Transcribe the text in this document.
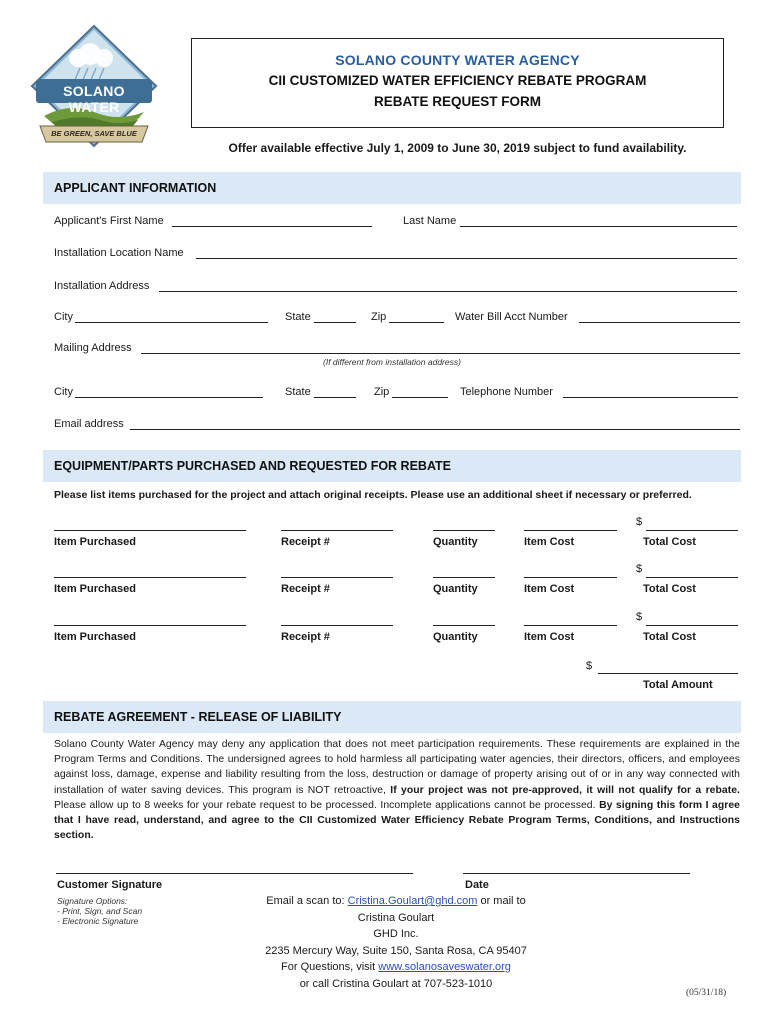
SOLANO WATER
BE GREEN, SAVE BLUE
SOLANO COUNTY WATER AGENCY
CII CUSTOMIZED WATER EFFICIENCY REBATE PROGRAM
REBATE REQUEST FORM
Offer available effective July 1, 2009 to June 30, 2019 subject to fund availability.
APPLICANT INFORMATION
Applicant's First Name	Last Name
Installation Location Name
Installation Address
City	State	Zip	Water Bill Acct Number
Mailing Address
(If different from installation address)
City	State	Zip	Telephone Number
Email address
EQUIPMENT/PARTS PURCHASED AND REQUESTED FOR REBATE
Please list items purchased for the project and attach original receipts. Please use an additional sheet if necessary or preferred.
$
Item Purchased	Receipt #	Quantity	Item Cost	Total Cost
$
Item Purchased	Receipt #	Quantity	Item Cost	Total Cost
$
Item Purchased	Receipt #	Quantity	Item Cost	Total Cost
$
Total Amount
REBATE AGREEMENT - RELEASE OF LIABILITY
Solano County Water Agency may deny any application that does not meet participation requirements. These requirements are explained in the Program Terms and Conditions. The undersigned agrees to hold harmless all participating water agencies, their directors, officers, and employees against loss, damage, expense and liability resulting from the loss, destruction or damage of property arising out of or in any way connected with installation of water saving devices. This program is NOT retroactive, If your project was not pre-approved, it will not qualify for a rebate. Please allow up to 8 weeks for your rebate request to be processed. Incomplete applications cannot be processed. By signing this form I agree that I have read, understand, and agree to the CII Customized Water Efficiency Rebate Program Terms, Conditions, and Instructions section.
Customer Signature	Date
Signature Options:
- Print, Sign, and Scan
- Electronic Signature
Email a scan to: Cristina.Goulart@ghd.com or mail to
Cristina Goulart
GHD Inc.
2235 Mercury Way, Suite 150, Santa Rosa, CA 95407
For Questions, visit www.solanosaveswater.org
or call Cristina Goulart at 707-523-1010
(05/31/18)
